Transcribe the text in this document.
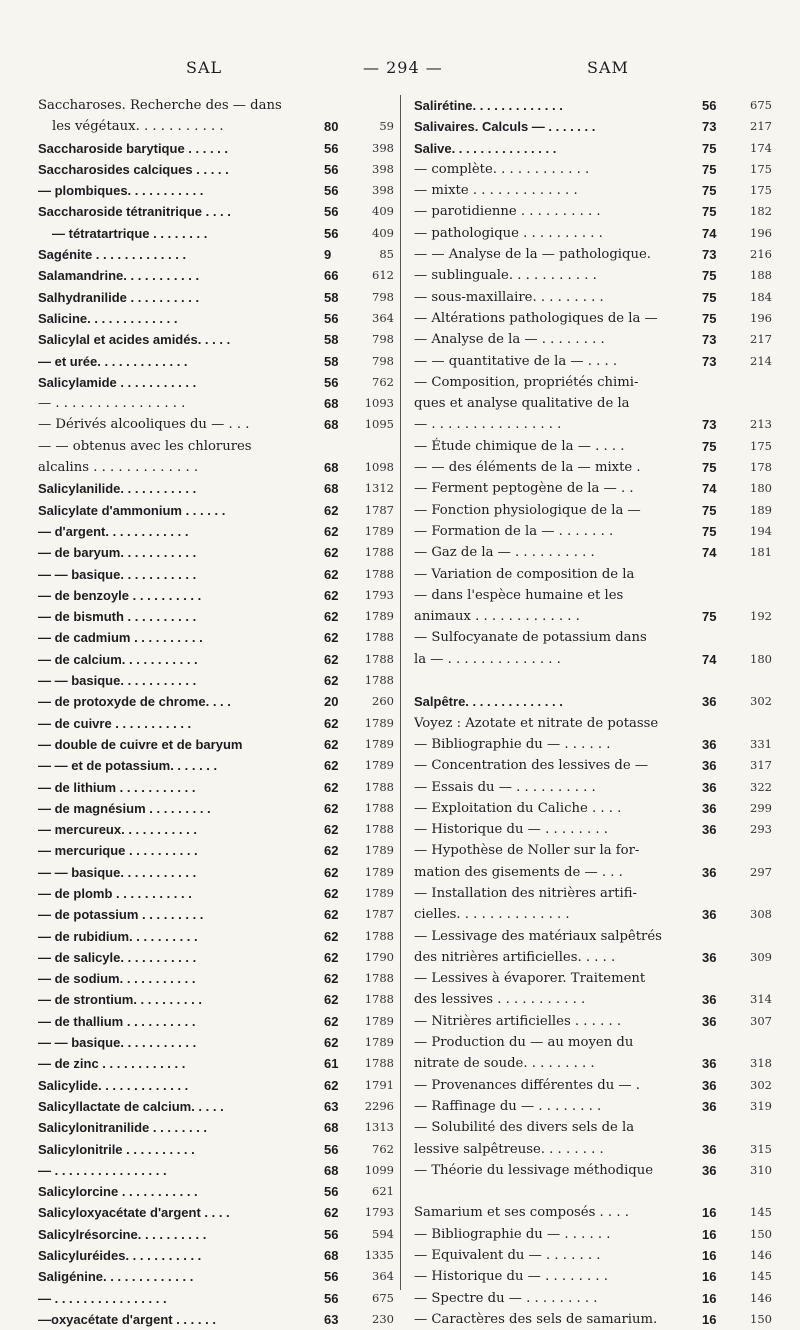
SAL	— 294 —	SAM
Saccharoses. Recherche des — dans
les végétaux. . . . . . . . . . .	80	59
Saccharoside barytique . . . . . .	56	398
Saccharosides calciques . . . . .	56	398
— plombiques. . . . . . . . . . .	56	398
Saccharoside tétranitrique . . . .	56	409
— tétratartrique . . . . . . . .	56	409
Sagénite . . . . . . . . . . . . .	9	85
Salamandrine. . . . . . . . . . .	66	612
Salhydranilide . . . . . . . . . .	58	798
Salicine. . . . . . . . . . . . .	56	364
Salicylal et acides amidés. . . . .	58	798
— et urée. . . . . . . . . . . . .	58	798
Salicylamide . . . . . . . . . . .	56	762
— . . . . . . . . . . . . . . . .	68	1093
— Dérivés alcooliques du — . . .	68	1095
— — obtenus avec les chlorures
alcalins . . . . . . . . . . . . .	68	1098
Salicylanilide. . . . . . . . . . .	68	1312
Salicylate d'ammonium . . . . . .	62	1787
— d'argent. . . . . . . . . . . .	62	1789
— de baryum. . . . . . . . . . .	62	1788
— — basique. . . . . . . . . . .	62	1788
— de benzoyle . . . . . . . . . .	62	1793
— de bismuth . . . . . . . . . .	62	1789
— de cadmium . . . . . . . . . .	62	1788
— de calcium. . . . . . . . . . .	62	1788
— — basique. . . . . . . . . . .	62	1788
— de protoxyde de chrome. . . .	20	260
— de cuivre . . . . . . . . . . .	62	1789
— double de cuivre et de baryum	62	1789
— — et de potassium. . . . . . .	62	1789
— de lithium . . . . . . . . . . .	62	1788
— de magnésium . . . . . . . . .	62	1788
— mercureux. . . . . . . . . . .	62	1788
— mercurique . . . . . . . . . .	62	1789
— — basique. . . . . . . . . . .	62	1789
— de plomb . . . . . . . . . . .	62	1789
— de potassium . . . . . . . . .	62	1787
— de rubidium. . . . . . . . . .	62	1788
— de salicyle. . . . . . . . . . .	62	1790
— de sodium. . . . . . . . . . .	62	1788
— de strontium. . . . . . . . . .	62	1788
— de thallium . . . . . . . . . .	62	1789
— — basique. . . . . . . . . . .	62	1789
— de zinc . . . . . . . . . . . .	61	1788
Salicylide. . . . . . . . . . . . .	62	1791
Salicyllactate de calcium. . . . .	63	2296
Salicylonitranilide . . . . . . . .	68	1313
Salicylonitrile . . . . . . . . . .	56	762
— . . . . . . . . . . . . . . . .	68	1099
Salicylorcine . . . . . . . . . . .	56	621
Salicyloxyacétate d'argent . . . .	62	1793
Salicylrésorcine. . . . . . . . . .	56	594
Salicyluréides. . . . . . . . . . .	68	1335
Saligénine. . . . . . . . . . . . .	56	364
— . . . . . . . . . . . . . . . .	56	675
—oxyacétate d'argent . . . . . .	63	230
Salirétine. . . . . . . . . . . . .	56	675
Salivaires. Calculs — . . . . . . .	73	217
Salive. . . . . . . . . . . . . . .	75	174
— complète. . . . . . . . . . . .	75	175
— mixte . . . . . . . . . . . . .	75	175
— parotidienne . . . . . . . . . .	75	182
— pathologique . . . . . . . . . .	74	196
— — Analyse de la — pathologique.	73	216
— sublinguale. . . . . . . . . . .	75	188
— sous-maxillaire. . . . . . . . .	75	184
— Altérations pathologiques de la —	75	196
— Analyse de la — . . . . . . . .	73	217
— — quantitative de la — . . . .	73	214
— Composition, propriétés chimi-
ques et analyse qualitative de la
— . . . . . . . . . . . . . . . .	73	213
— Étude chimique de la — . . . .	75	175
— — des éléments de la — mixte .	75	178
— Ferment peptogène de la — . .	74	180
— Fonction physiologique de la —	75	189
— Formation de la — . . . . . . .	75	194
— Gaz de la — . . . . . . . . . .	74	181
— Variation de composition de la
— dans l'espèce humaine et les
animaux . . . . . . . . . . . . .	75	192
— Sulfocyanate de potassium dans
la — . . . . . . . . . . . . . .	74	180
Salpêtre. . . . . . . . . . . . . .	36	302
Voyez : Azotate et nitrate de potasse
— Bibliographie du — . . . . . .	36	331
— Concentration des lessives de —	36	317
— Essais du — . . . . . . . . . .	36	322
— Exploitation du Caliche . . . .	36	299
— Historique du — . . . . . . . .	36	293
— Hypothèse de Noller sur la for-
mation des gisements de — . . .	36	297
— Installation des nitrières artifi-
cielles. . . . . . . . . . . . . .	36	308
— Lessivage des matériaux salpêtrés
des nitrières artificielles. . . . .	36	309
— Lessives à évaporer. Traitement
des lessives . . . . . . . . . . .	36	314
— Nitrières artificielles . . . . . .	36	307
— Production du — au moyen du
nitrate de soude. . . . . . . . .	36	318
— Provenances différentes du — .	36	302
— Raffinage du — . . . . . . . .	36	319
— Solubilité des divers sels de la
lessive salpêtreuse. . . . . . . .	36	315
— Théorie du lessivage méthodique	36	310
Samarium et ses composés . . . .	16	145
— Bibliographie du — . . . . . .	16	150
— Equivalent du — . . . . . . .	16	146
— Historique du — . . . . . . . .	16	145
— Spectre du — . . . . . . . . .	16	146
— Caractères des sels de samarium.	16	150
